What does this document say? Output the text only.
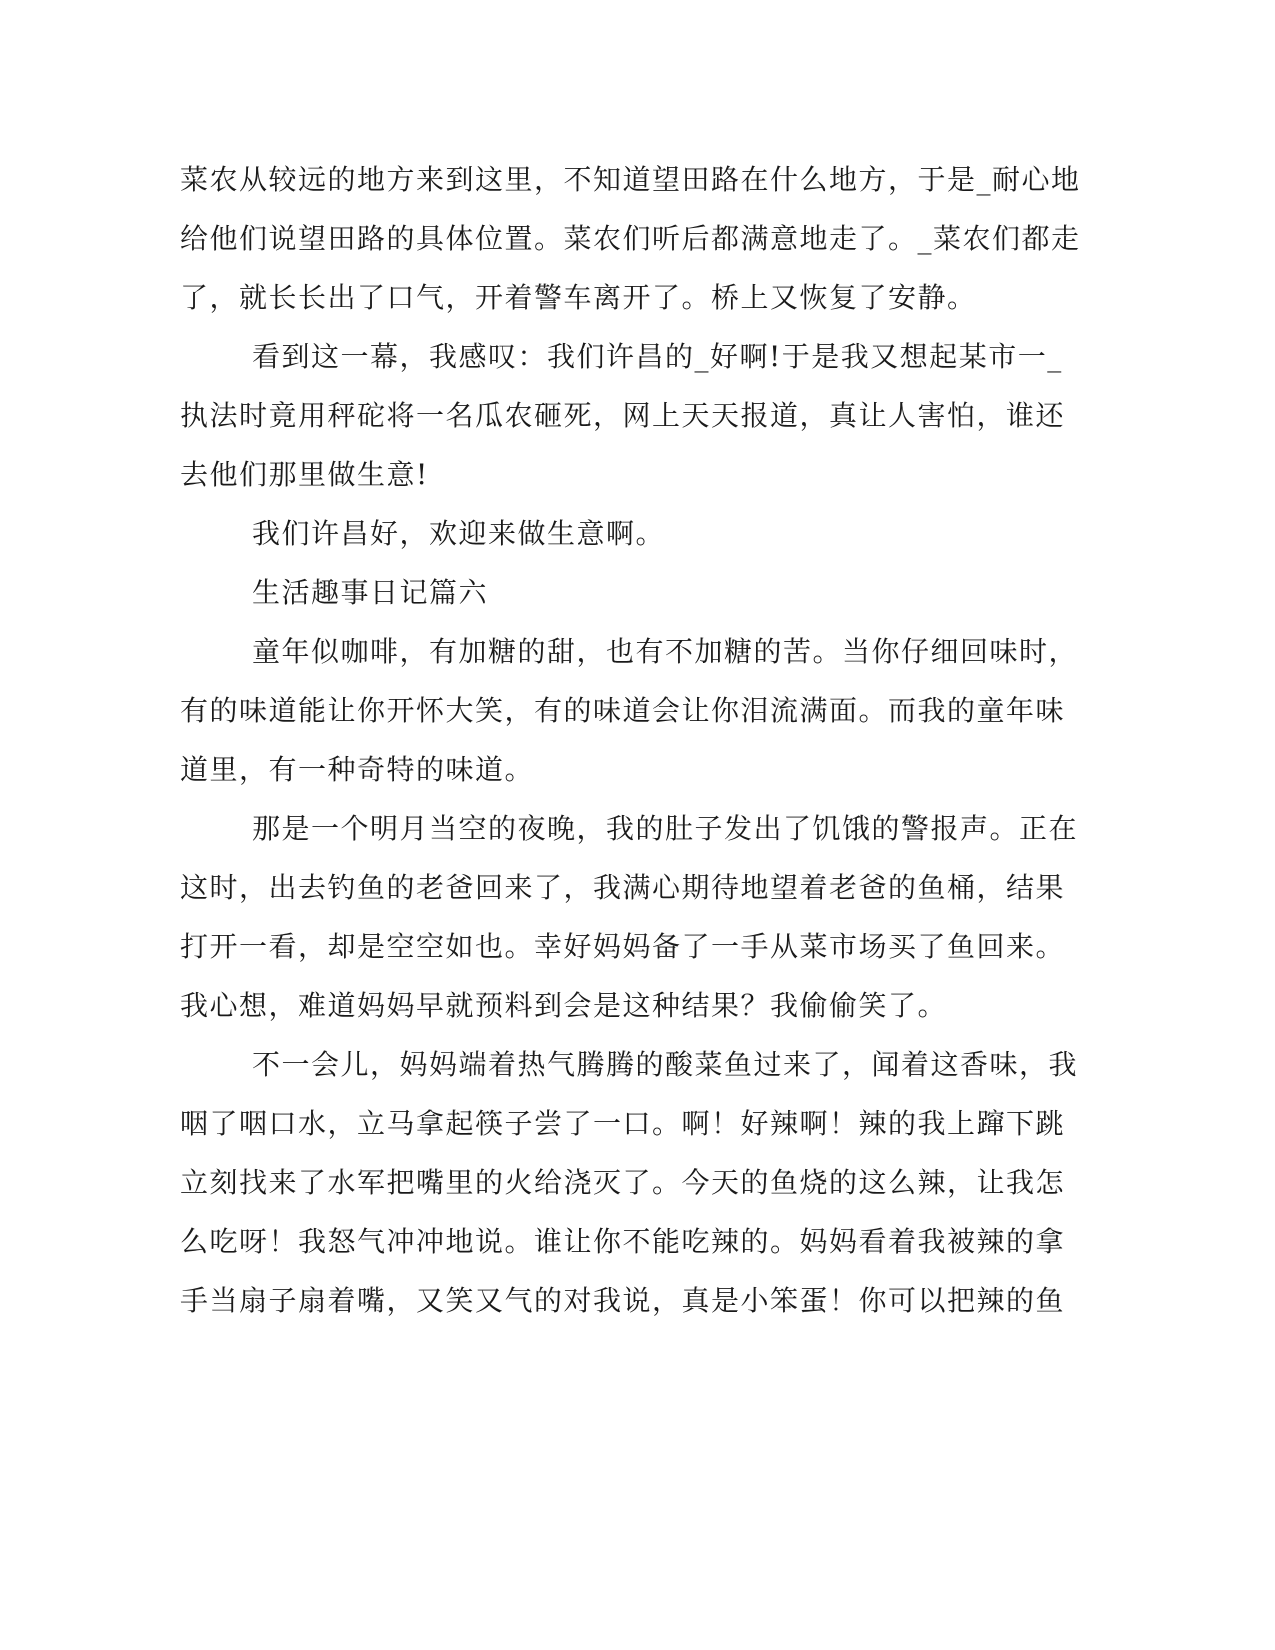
菜农从较远的地方来到这里，不知道望田路在什么地方，于是_耐心地

给他们说望田路的具体位置。菜农们听后都满意地走了。_菜农们都走

了，就长长出了口气，开着警车离开了。桥上又恢复了安静。

看到这一幕，我感叹：我们许昌的_好啊!于是我又想起某市一_

执法时竟用秤砣将一名瓜农砸死，网上天天报道，真让人害怕，谁还

去他们那里做生意!

我们许昌好，欢迎来做生意啊。

生活趣事日记篇六

童年似咖啡，有加糖的甜，也有不加糖的苦。当你仔细回味时，

有的味道能让你开怀大笑，有的味道会让你泪流满面。而我的童年味

道里，有一种奇特的味道。

那是一个明月当空的夜晚，我的肚子发出了饥饿的警报声。正在

这时，出去钓鱼的老爸回来了，我满心期待地望着老爸的鱼桶，结果

打开一看，却是空空如也。幸好妈妈备了一手从菜市场买了鱼回来。

我心想，难道妈妈早就预料到会是这种结果？我偷偷笑了。

不一会儿，妈妈端着热气腾腾的酸菜鱼过来了，闻着这香味，我

咽了咽口水，立马拿起筷子尝了一口。啊！好辣啊！辣的我上蹿下跳

立刻找来了水军把嘴里的火给浇灭了。今天的鱼烧的这么辣，让我怎

么吃呀！我怒气冲冲地说。谁让你不能吃辣的。妈妈看着我被辣的拿

手当扇子扇着嘴，又笑又气的对我说，真是小笨蛋！你可以把辣的鱼
